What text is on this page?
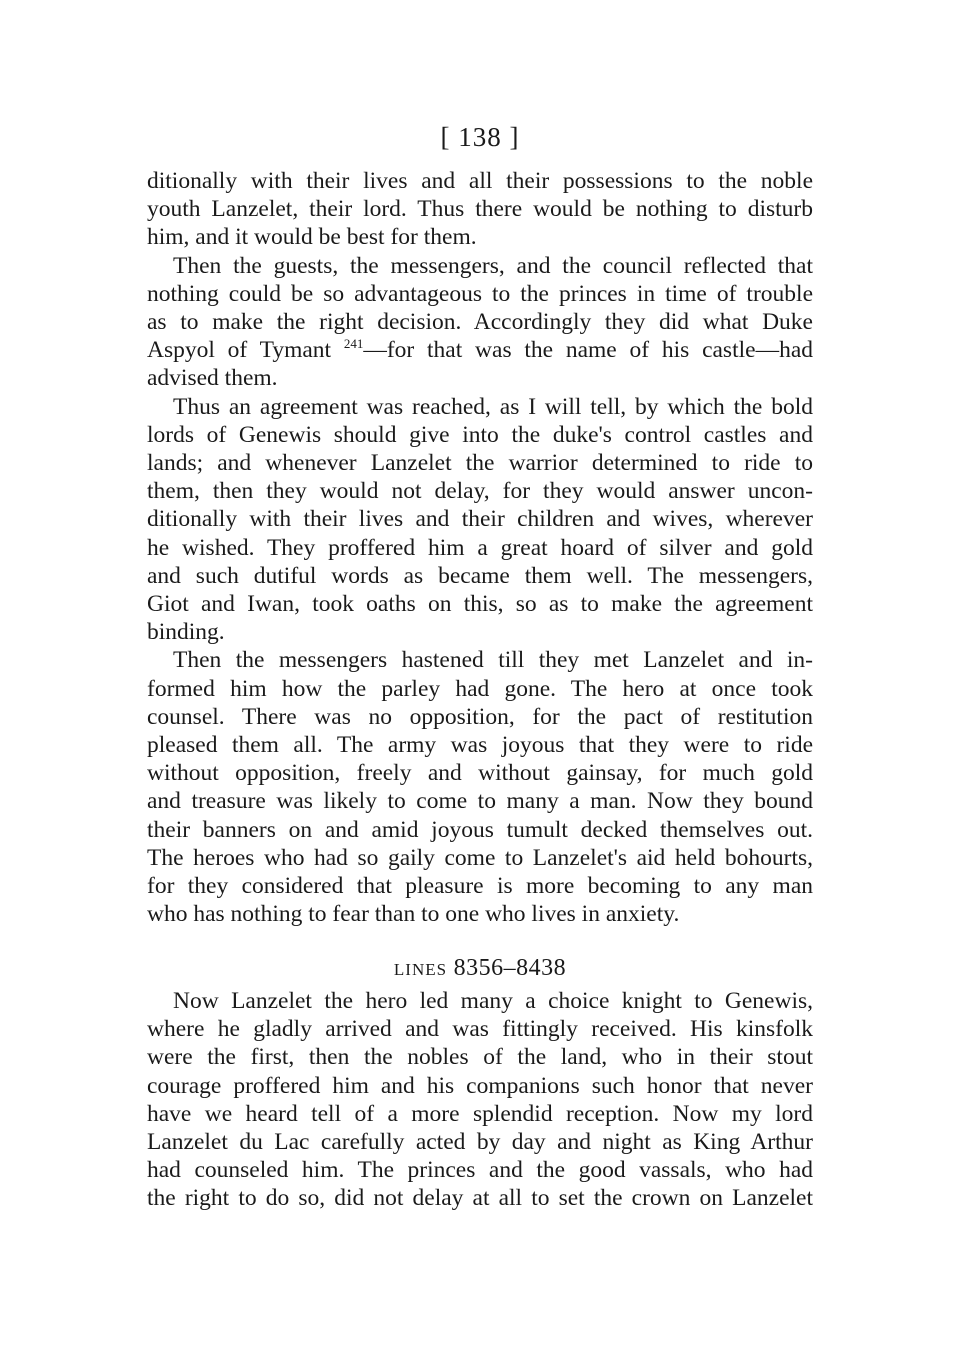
[ 138 ]
ditionally with their lives and all their possessions to the noble
youth Lanzelet, their lord. Thus there would be nothing to disturb
him, and it would be best for them.
Then the guests, the messengers, and the council reflected that
nothing could be so advantageous to the princes in time of trouble
as to make the right decision. Accordingly they did what Duke
Aspyol of Tymant $^{241}$—for that was the name of his castle—had
advised them.
Thus an agreement was reached, as I will tell, by which the bold
lords of Genewis should give into the duke's control castles and
lands; and whenever Lanzelet the warrior determined to ride to
them, then they would not delay, for they would answer uncon-
ditionally with their lives and their children and wives, wherever
he wished. They proffered him a great hoard of silver and gold
and such dutiful words as became them well. The messengers,
Giot and Iwan, took oaths on this, so as to make the agreement
binding.
Then the messengers hastened till they met Lanzelet and in-
formed him how the parley had gone. The hero at once took
counsel. There was no opposition, for the pact of restitution
pleased them all. The army was joyous that they were to ride
without opposition, freely and without gainsay, for much gold
and treasure was likely to come to many a man. Now they bound
their banners on and amid joyous tumult decked themselves out.
The heroes who had so gaily come to Lanzelet's aid held bohourts,
for they considered that pleasure is more becoming to any man
who has nothing to fear than to one who lives in anxiety.
LINES 8356–8438
Now Lanzelet the hero led many a choice knight to Genewis,
where he gladly arrived and was fittingly received. His kinsfolk
were the first, then the nobles of the land, who in their stout
courage proffered him and his companions such honor that never
have we heard tell of a more splendid reception. Now my lord
Lanzelet du Lac carefully acted by day and night as King Arthur
had counseled him. The princes and the good vassals, who had
the right to do so, did not delay at all to set the crown on Lanzelet
